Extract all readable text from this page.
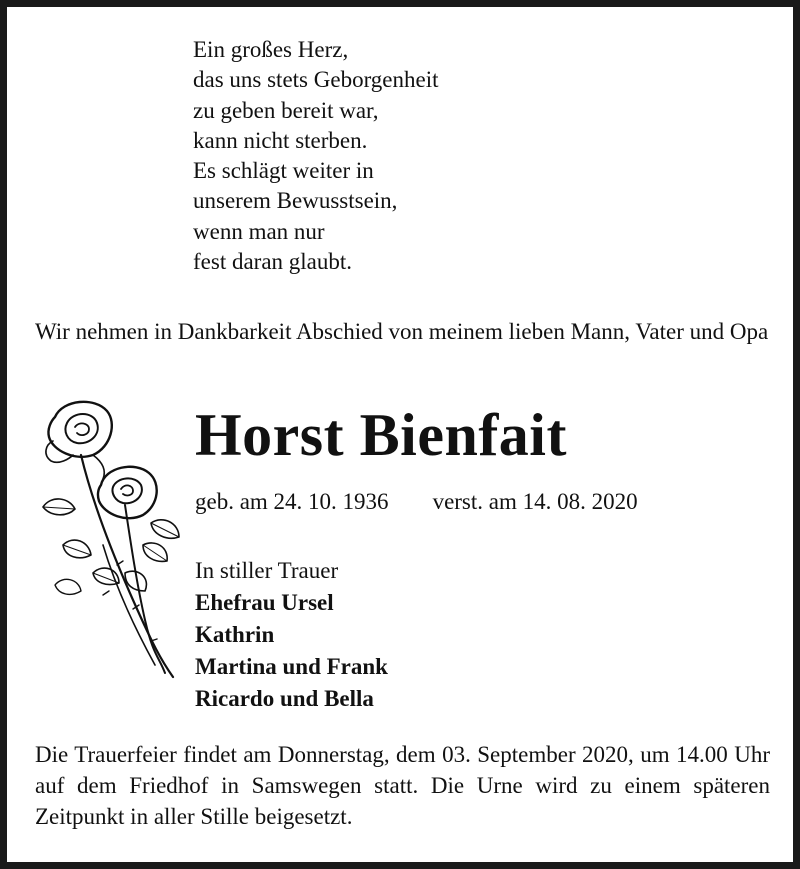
Ein großes Herz,
das uns stets Geborgenheit
zu geben bereit war,
kann nicht sterben.
Es schlägt weiter in
unserem Bewusstsein,
wenn man nur
fest daran glaubt.
Wir nehmen in Dankbarkeit Abschied von meinem lieben Mann, Vater und Opa
Horst Bienfait
geb. am 24. 10. 1936 verst. am 14. 08. 2020
In stiller Trauer
Ehefrau Ursel
Kathrin
Martina und Frank
Ricardo und Bella
Die Trauerfeier findet am Donnerstag, dem 03. September 2020, um 14.00 Uhr auf dem Friedhof in Samswegen statt. Die Urne wird zu einem späteren Zeitpunkt in aller Stille beigesetzt.
